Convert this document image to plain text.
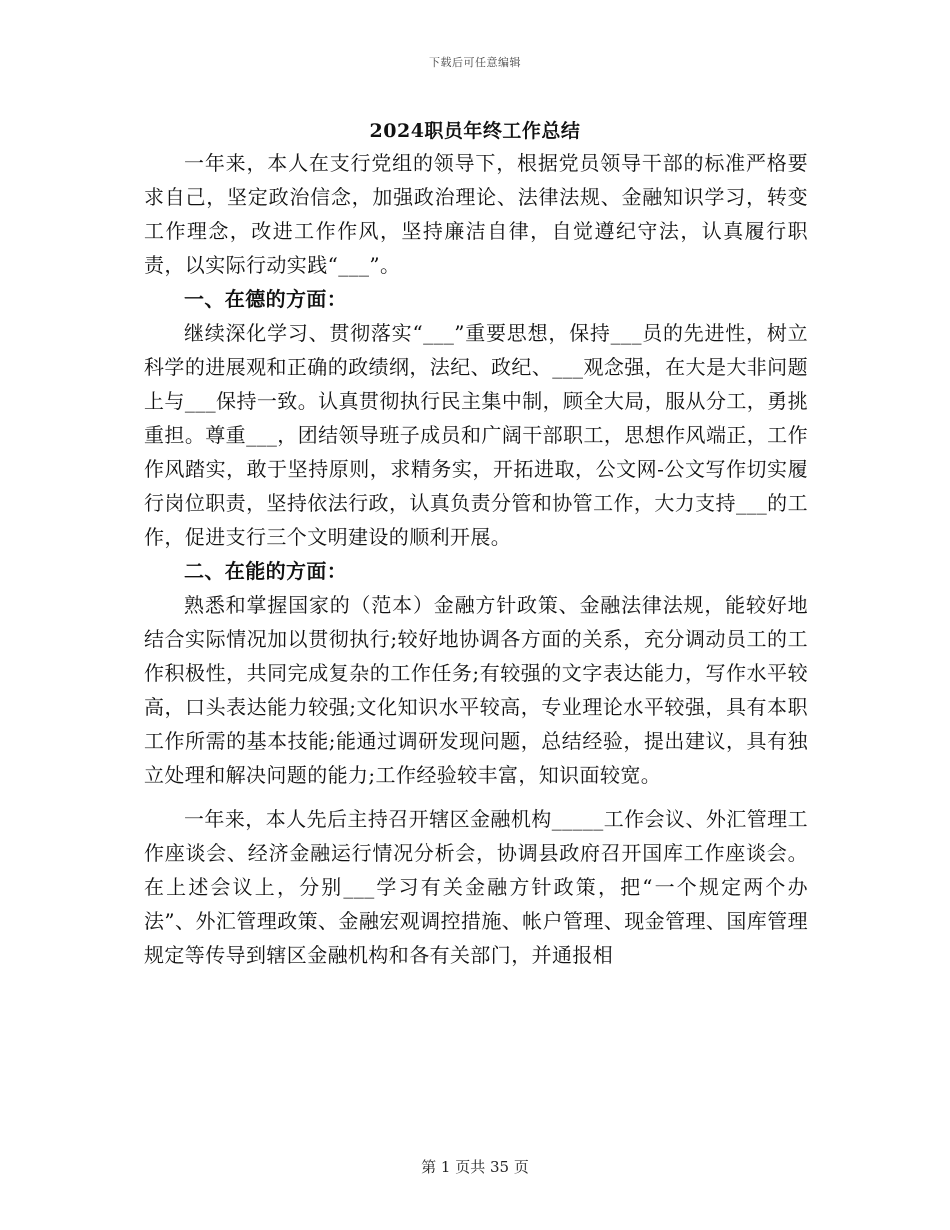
下载后可任意编辑
2024职员年终工作总结

一年来，本人在支行党组的领导下，根据党员领导干部的标准严格要求自己，坚定政治信念，加强政治理论、法律法规、金融知识学习，转变工作理念，改进工作作风，坚持廉洁自律，自觉遵纪守法，认真履行职责，以实际行动实践“___”。

一、在德的方面：

继续深化学习、贯彻落实“___”重要思想，保持___员的先进性，树立科学的进展观和正确的政绩纲，法纪、政纪、___观念强，在大是大非问题上与___保持一致。认真贯彻执行民主集中制，顾全大局，服从分工，勇挑重担。尊重___，团结领导班子成员和广阔干部职工，思想作风端正，工作作风踏实，敢于坚持原则，求精务实，开拓进取，公文网-公文写作切实履行岗位职责，坚持依法行政，认真负责分管和协管工作，大力支持___的工作，促进支行三个文明建设的顺利开展。

二、在能的方面：

熟悉和掌握国家的（范本）金融方针政策、金融法律法规，能较好地结合实际情况加以贯彻执行;较好地协调各方面的关系，充分调动员工的工作积极性，共同完成复杂的工作任务;有较强的文字表达能力，写作水平较高，口头表达能力较强;文化知识水平较高，专业理论水平较强，具有本职工作所需的基本技能;能通过调研发现问题，总结经验，提出建议，具有独立处理和解决问题的能力;工作经验较丰富，知识面较宽。

一年来，本人先后主持召开辖区金融机构_____工作会议、外汇管理工作座谈会、经济金融运行情况分析会，协调县政府召开国库工作座谈会。在上述会议上，分别___学习有关金融方针政策，把“一个规定两个办法”、外汇管理政策、金融宏观调控措施、帐户管理、现金管理、国库管理规定等传导到辖区金融机构和各有关部门，并通报相

第 1 页共 35 页
